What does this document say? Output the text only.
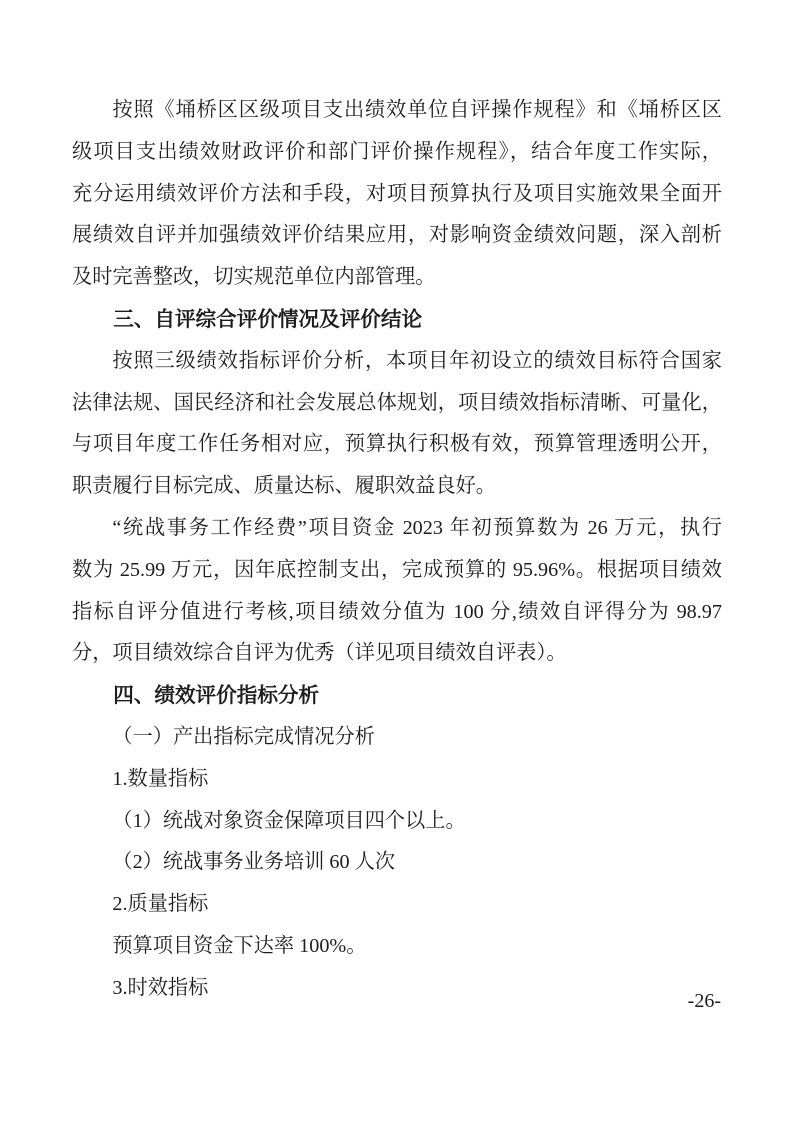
按照《埇桥区区级项目支出绩效单位自评操作规程》和《埇桥区区
级项目支出绩效财政评价和部门评价操作规程》，结合年度工作实际，
充分运用绩效评价方法和手段，对项目预算执行及项目实施效果全面开
展绩效自评并加强绩效评价结果应用，对影响资金绩效问题，深入剖析
及时完善整改，切实规范单位内部管理。
三、自评综合评价情况及评价结论
按照三级绩效指标评价分析，本项目年初设立的绩效目标符合国家
法律法规、国民经济和社会发展总体规划，项目绩效指标清晰、可量化，
与项目年度工作任务相对应，预算执行积极有效，预算管理透明公开，
职责履行目标完成、质量达标、履职效益良好。
“统战事务工作经费”项目资金 2023 年初预算数为 26 万元，执行
数为 25.99 万元，因年底控制支出，完成预算的 95.96%。根据项目绩效
指标自评分值进行考核,项目绩效分值为 100 分,绩效自评得分为 98.97
分，项目绩效综合自评为优秀（详见项目绩效自评表）。
四、绩效评价指标分析
（一）产出指标完成情况分析
1.数量指标
（1）统战对象资金保障项目四个以上。
（2）统战事务业务培训 60 人次
2.质量指标
预算项目资金下达率 100%。
3.时效指标
-26-
